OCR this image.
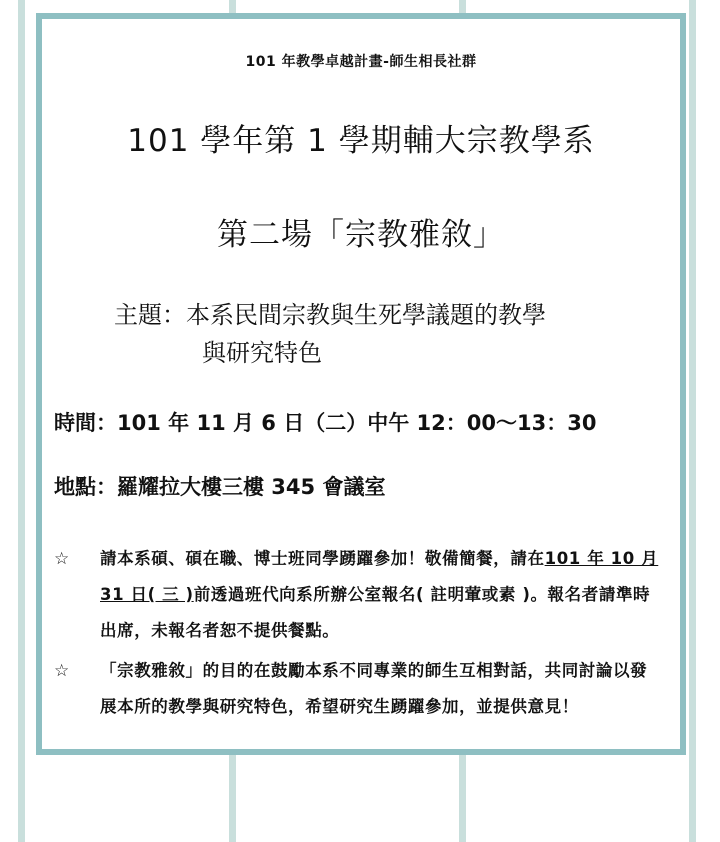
101 年教學卓越計畫-師生相長社群
101 學年第 1 學期輔大宗教學系
第二場「宗教雅敘」
主題：本系民間宗教與生死學議題的教學
與研究特色
時間：101 年 11 月 6 日（二）中午 12：00～13：30
地點：羅耀拉大樓三樓 345 會議室
☆	請本系碩、碩在職、博士班同學踴躍參加！敬備簡餐，請在101 年 10 月 31 日( 三 )前透過班代向系所辦公室報名( 註明葷或素 )。報名者請準時出席，未報名者恕不提供餐點。
☆	「宗教雅敘」的目的在鼓勵本系不同專業的師生互相對話，共同討論以發展本所的教學與研究特色，希望研究生踴躍參加，並提供意見！
